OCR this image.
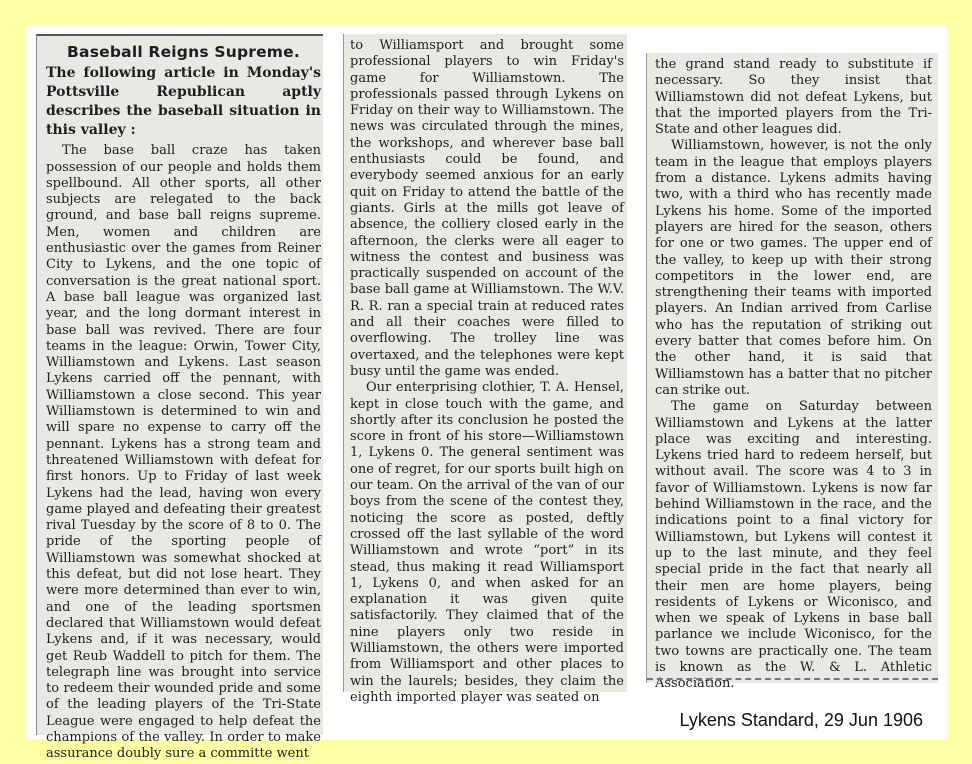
Baseball Reigns Supreme.
The following article in Monday's Pottsville Republican aptly describes the baseball situation in this valley :

The base ball craze has taken possession of our people and holds them spellbound. All other sports, all other subjects are relegated to the back ground, and base ball reigns supreme. Men, women and children are enthusiastic over the games from Reiner City to Lykens, and the one topic of conversation is the great national sport. A base ball league was organized last year, and the long dormant interest in base ball was revived. There are four teams in the league: Orwin, Tower City, Williamstown and Lykens. Last season Lykens carried off the pennant, with Williamstown a close second. This year Williamstown is determined to win and will spare no expense to carry off the pennant. Lykens has a strong team and threatened Williamstown with defeat for first honors. Up to Friday of last week Lykens had the lead, having won every game played and defeating their greatest rival Tuesday by the score of 8 to 0. The pride of the sporting people of Williamstown was somewhat shocked at this defeat, but did not lose heart. They were more determined than ever to win, and one of the leading sportsmen declared that Williamstown would defeat Lykens and, if it was necessary, would get Reub Waddell to pitch for them. The telegraph line was brought into service to redeem their wounded pride and some of the leading players of the Tri-State League were engaged to help defeat the champions of the valley. In order to make assurance doubly sure a committe went

to Williamsport and brought some professional players to win Friday's game for Williamstown. The professionals passed through Lykens on Friday on their way to Williamstown. The news was circulated through the mines, the workshops, and wherever base ball enthusiasts could be found, and everybody seemed anxious for an early quit on Friday to attend the battle of the giants. Girls at the mills got leave of absence, the colliery closed early in the afternoon, the clerks were all eager to witness the contest and business was practically suspended on account of the base ball game at Williamstown. The W.V. R. R. ran a special train at reduced rates and all their coaches were filled to overflowing. The trolley line was overtaxed, and the telephones were kept busy until the game was ended.

Our enterprising clothier, T. A. Hensel, kept in close touch with the game, and shortly after its conclusion he posted the score in front of his store—Williamstown 1, Lykens 0. The general sentiment was one of regret, for our sports built high on our team. On the arrival of the van of our boys from the scene of the contest they, noticing the score as posted, deftly crossed off the last syllable of the word Williamstown and wrote “port” in its stead, thus making it read Williamsport 1, Lykens 0, and when asked for an explanation it was given quite satisfactorily. They claimed that of the nine players only two reside in Williamstown, the others were imported from Williamsport and other places to win the laurels; besides, they claim the eighth imported player was seated on

the grand stand ready to substitute if necessary. So they insist that Williamstown did not defeat Lykens, but that the imported players from the Tri-State and other leagues did.

Williamstown, however, is not the only team in the league that employs players from a distance. Lykens admits having two, with a third who has recently made Lykens his home. Some of the imported players are hired for the season, others for one or two games. The upper end of the valley, to keep up with their strong competitors in the lower end, are strengthening their teams with imported players. An Indian arrived from Carlise who has the reputation of striking out every batter that comes before him. On the other hand, it is said that Williamstown has a batter that no pitcher can strike out.

The game on Saturday between Williamstown and Lykens at the latter place was exciting and interesting. Lykens tried hard to redeem herself, but without avail. The score was 4 to 3 in favor of Williamstown. Lykens is now far behind Williamstown in the race, and the indications point to a final victory for Williamstown, but Lykens will contest it up to the last minute, and they feel special pride in the fact that nearly all their men are home players, being residents of Lykens or Wiconisco, and when we speak of Lykens in base ball parlance we include Wiconisco, for the two towns are practically one. The team is known as the W. & L. Athletic Association.

Lykens Standard, 29 Jun 1906
